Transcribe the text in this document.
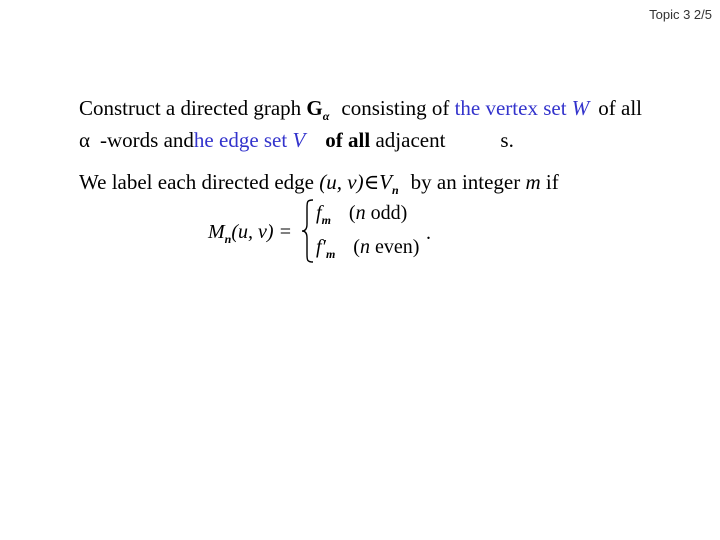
Topic 3 2/5
Construct a directed graph $G_\alpha$ consisting of the vertex set W of all
α -words andhe edge set V of all adjacent	s.
We label each directed edge (u, $v)\in V_n$ by an integer m if
$M_n(u$, v) =
$f_m$ (n odd)
$f'_m$ (n even)
.
